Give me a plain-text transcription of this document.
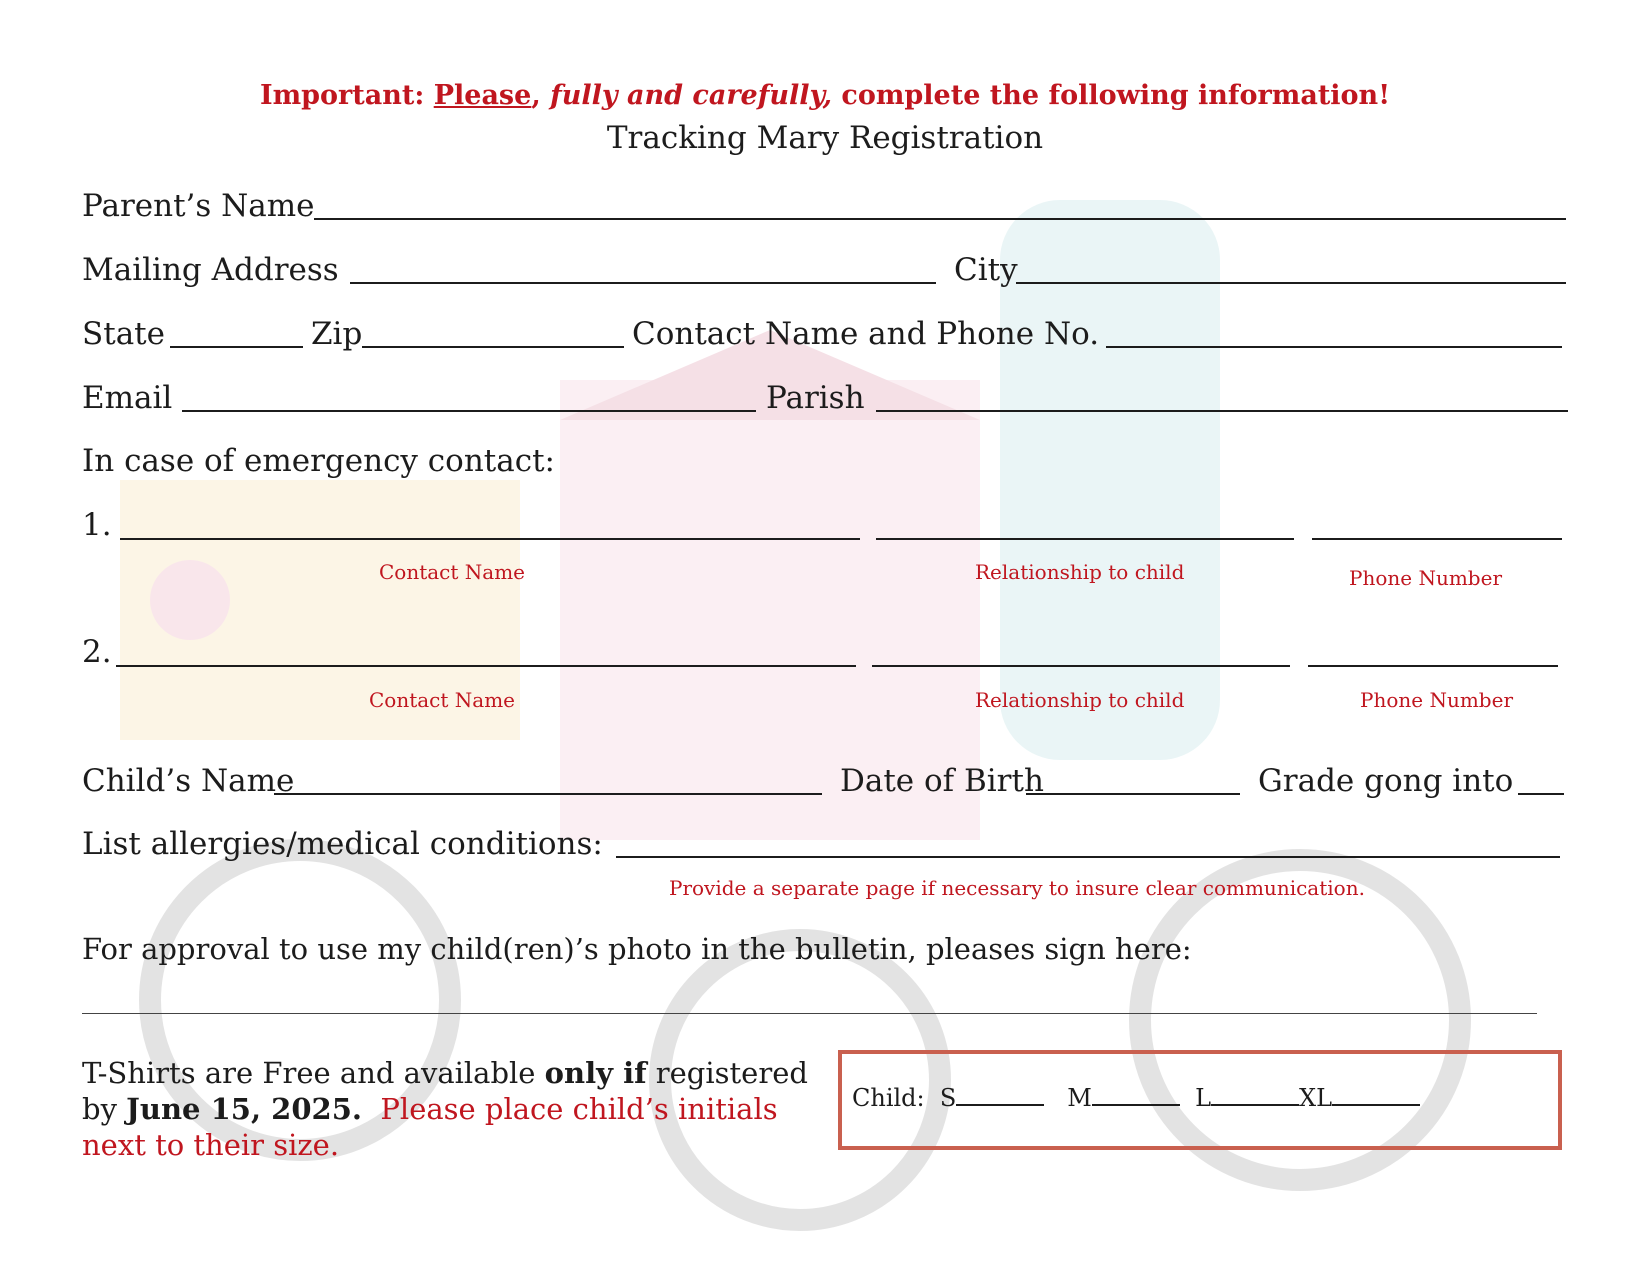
Important: Please, fully and carefully, complete the following information!
Tracking Mary Registration
Parent’s Name
Mailing Address	City
State	Zip	Contact Name and Phone No.
Email	Parish
In case of emergency contact:
1.
Contact Name	Relationship to child	Phone Number
2.
Contact Name	Relationship to child	Phone Number
Child’s Name	Date of Birth	Grade gong into
List allergies/medical conditions:
Provide a separate page if necessary to insure clear communication.
For approval to use my child(ren)’s photo in the bulletin, pleases sign here:
T-Shirts are Free and available only if registered by June 15, 2025. Please place child’s initials next to their size.
Child: S	M	L	XL
